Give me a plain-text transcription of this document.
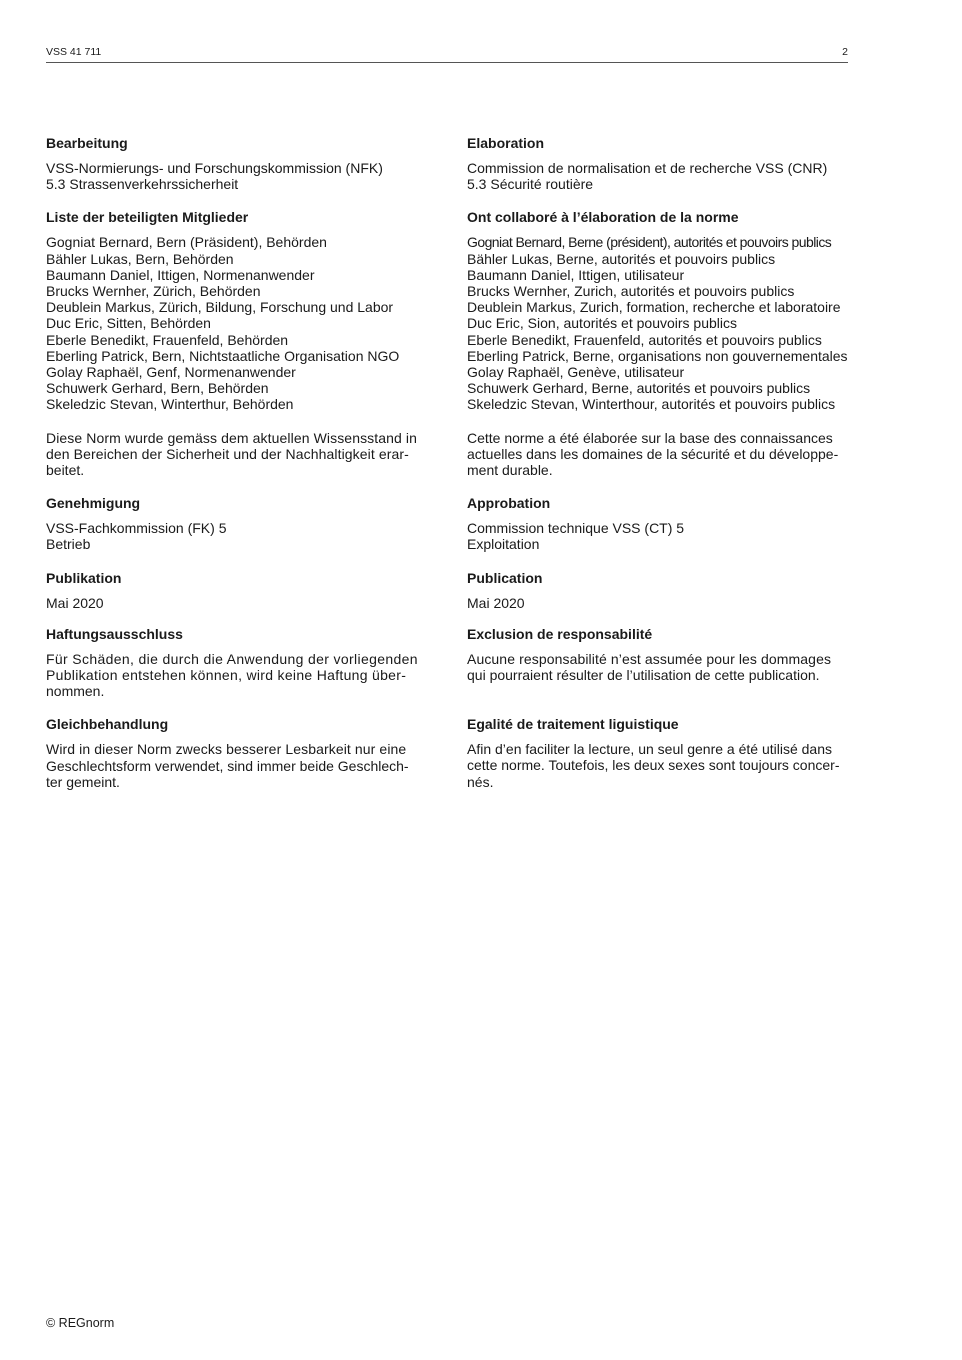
VSS 41 711	2
Bearbeitung
VSS-Normierungs- und Forschungskommission (NFK)
5.3 Strassenverkehrssicherheit
Liste der beteiligten Mitglieder
Gogniat Bernard, Bern (Präsident), Behörden
Bähler Lukas, Bern, Behörden
Baumann Daniel, Ittigen, Normenanwender
Brucks Wernher, Zürich, Behörden
Deublein Markus, Zürich, Bildung, Forschung und Labor
Duc Eric, Sitten, Behörden
Eberle Benedikt, Frauenfeld, Behörden
Eberling Patrick, Bern, Nichtstaatliche Organisation NGO
Golay Raphaël, Genf, Normenanwender
Schuwerk Gerhard, Bern, Behörden
Skeledzic Stevan, Winterthur, Behörden
Diese Norm wurde gemäss dem aktuellen Wissensstand in
den Bereichen der Sicherheit und der Nachhaltigkeit erar-
beitet.
Genehmigung
VSS-Fachkommission (FK) 5
Betrieb
Publikation
Mai 2020
Haftungsausschluss
Für Schäden, die durch die Anwendung der vorliegenden
Publikation entstehen können, wird keine Haftung über-
nommen.
Gleichbehandlung
Wird in dieser Norm zwecks besserer Lesbarkeit nur eine
Geschlechtsform verwendet, sind immer beide Geschlech-
ter gemeint.
Elaboration
Commission de normalisation et de recherche VSS (CNR)
5.3 Sécurité routière
Ont collaboré à l’élaboration de la norme
Gogniat Bernard, Berne (président), autorités et pouvoirs publics
Bähler Lukas, Berne, autorités et pouvoirs publics
Baumann Daniel, Ittigen, utilisateur
Brucks Wernher, Zurich, autorités et pouvoirs publics
Deublein Markus, Zurich, formation, recherche et laboratoire
Duc Eric, Sion, autorités et pouvoirs publics
Eberle Benedikt, Frauenfeld, autorités et pouvoirs publics
Eberling Patrick, Berne, organisations non gouvernementales
Golay Raphaël, Genève, utilisateur
Schuwerk Gerhard, Berne, autorités et pouvoirs publics
Skeledzic Stevan, Winterthour, autorités et pouvoirs publics
Cette norme a été élaborée sur la base des connaissances
actuelles dans les domaines de la sécurité et du développe-
ment durable.
Approbation
Commission technique VSS (CT) 5
Exploitation
Publication
Mai 2020
Exclusion de responsabilité
Aucune responsabilité n’est assumée pour les dommages
qui pourraient résulter de l’utilisation de cette publication.
Egalité de traitement liguistique
Afin d’en faciliter la lecture, un seul genre a été utilisé dans
cette norme. Toutefois, les deux sexes sont toujours concer-
nés.
© REGnorm
